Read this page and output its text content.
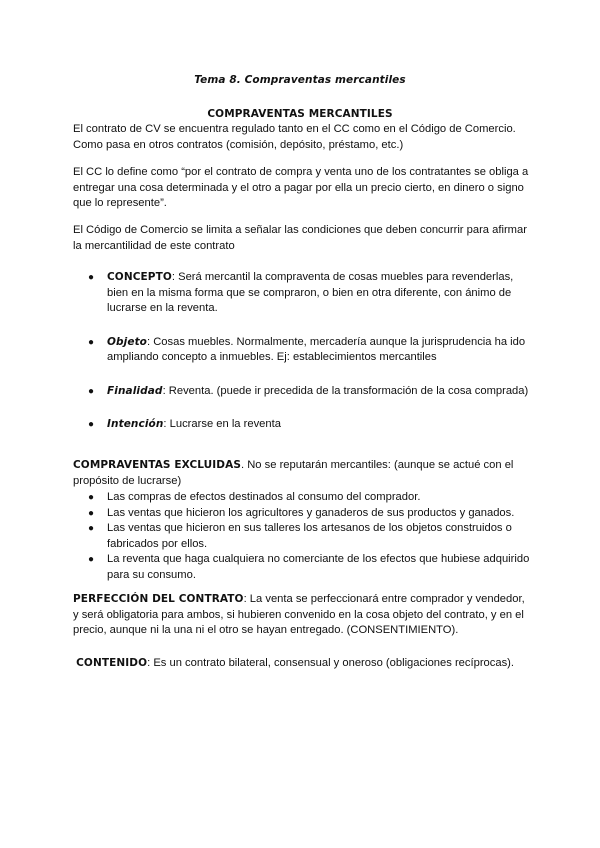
Tema 8. Compraventas mercantiles
COMPRAVENTAS MERCANTILES

El contrato de CV se encuentra regulado tanto en el CC como en el Código de Comercio. Como pasa en otros contratos (comisión, depósito, préstamo, etc.)

El CC lo define como “por el contrato de compra y venta uno de los contratantes se obliga a entregar una cosa determinada y el otro a pagar por ella un precio cierto, en dinero o signo que lo represente”.

El Código de Comercio se limita a señalar las condiciones que deben concurrir para afirmar la mercantilidad de este contrato

● CONCEPTO: Será mercantil la compraventa de cosas muebles para revenderlas, bien en la misma forma que se compraron, o bien en otra diferente, con ánimo de lucrarse en la reventa.
● Objeto: Cosas muebles. Normalmente, mercadería aunque la jurisprudencia ha ido ampliando concepto a inmuebles. Ej: establecimientos mercantiles
● Finalidad: Reventa. (puede ir precedida de la transformación de la cosa comprada)
● Intención: Lucrarse en la reventa

COMPRAVENTAS EXCLUIDAS. No se reputarán mercantiles: (aunque se actué con el propósito de lucrarse)

● Las compras de efectos destinados al consumo del comprador.
● Las ventas que hicieron los agricultores y ganaderos de sus productos y ganados.
● Las ventas que hicieron en sus talleres los artesanos de los objetos construidos o fabricados por ellos.
● La reventa que haga cualquiera no comerciante de los efectos que hubiese adquirido para su consumo.

PERFECCIÓN DEL CONTRATO: La venta se perfeccionará entre comprador y vendedor, y será obligatoria para ambos, si hubieren convenido en la cosa objeto del contrato, y en el precio, aunque ni la una ni el otro se hayan entregado. (CONSENTIMIENTO).

CONTENIDO: Es un contrato bilateral, consensual y oneroso (obligaciones recíprocas).
